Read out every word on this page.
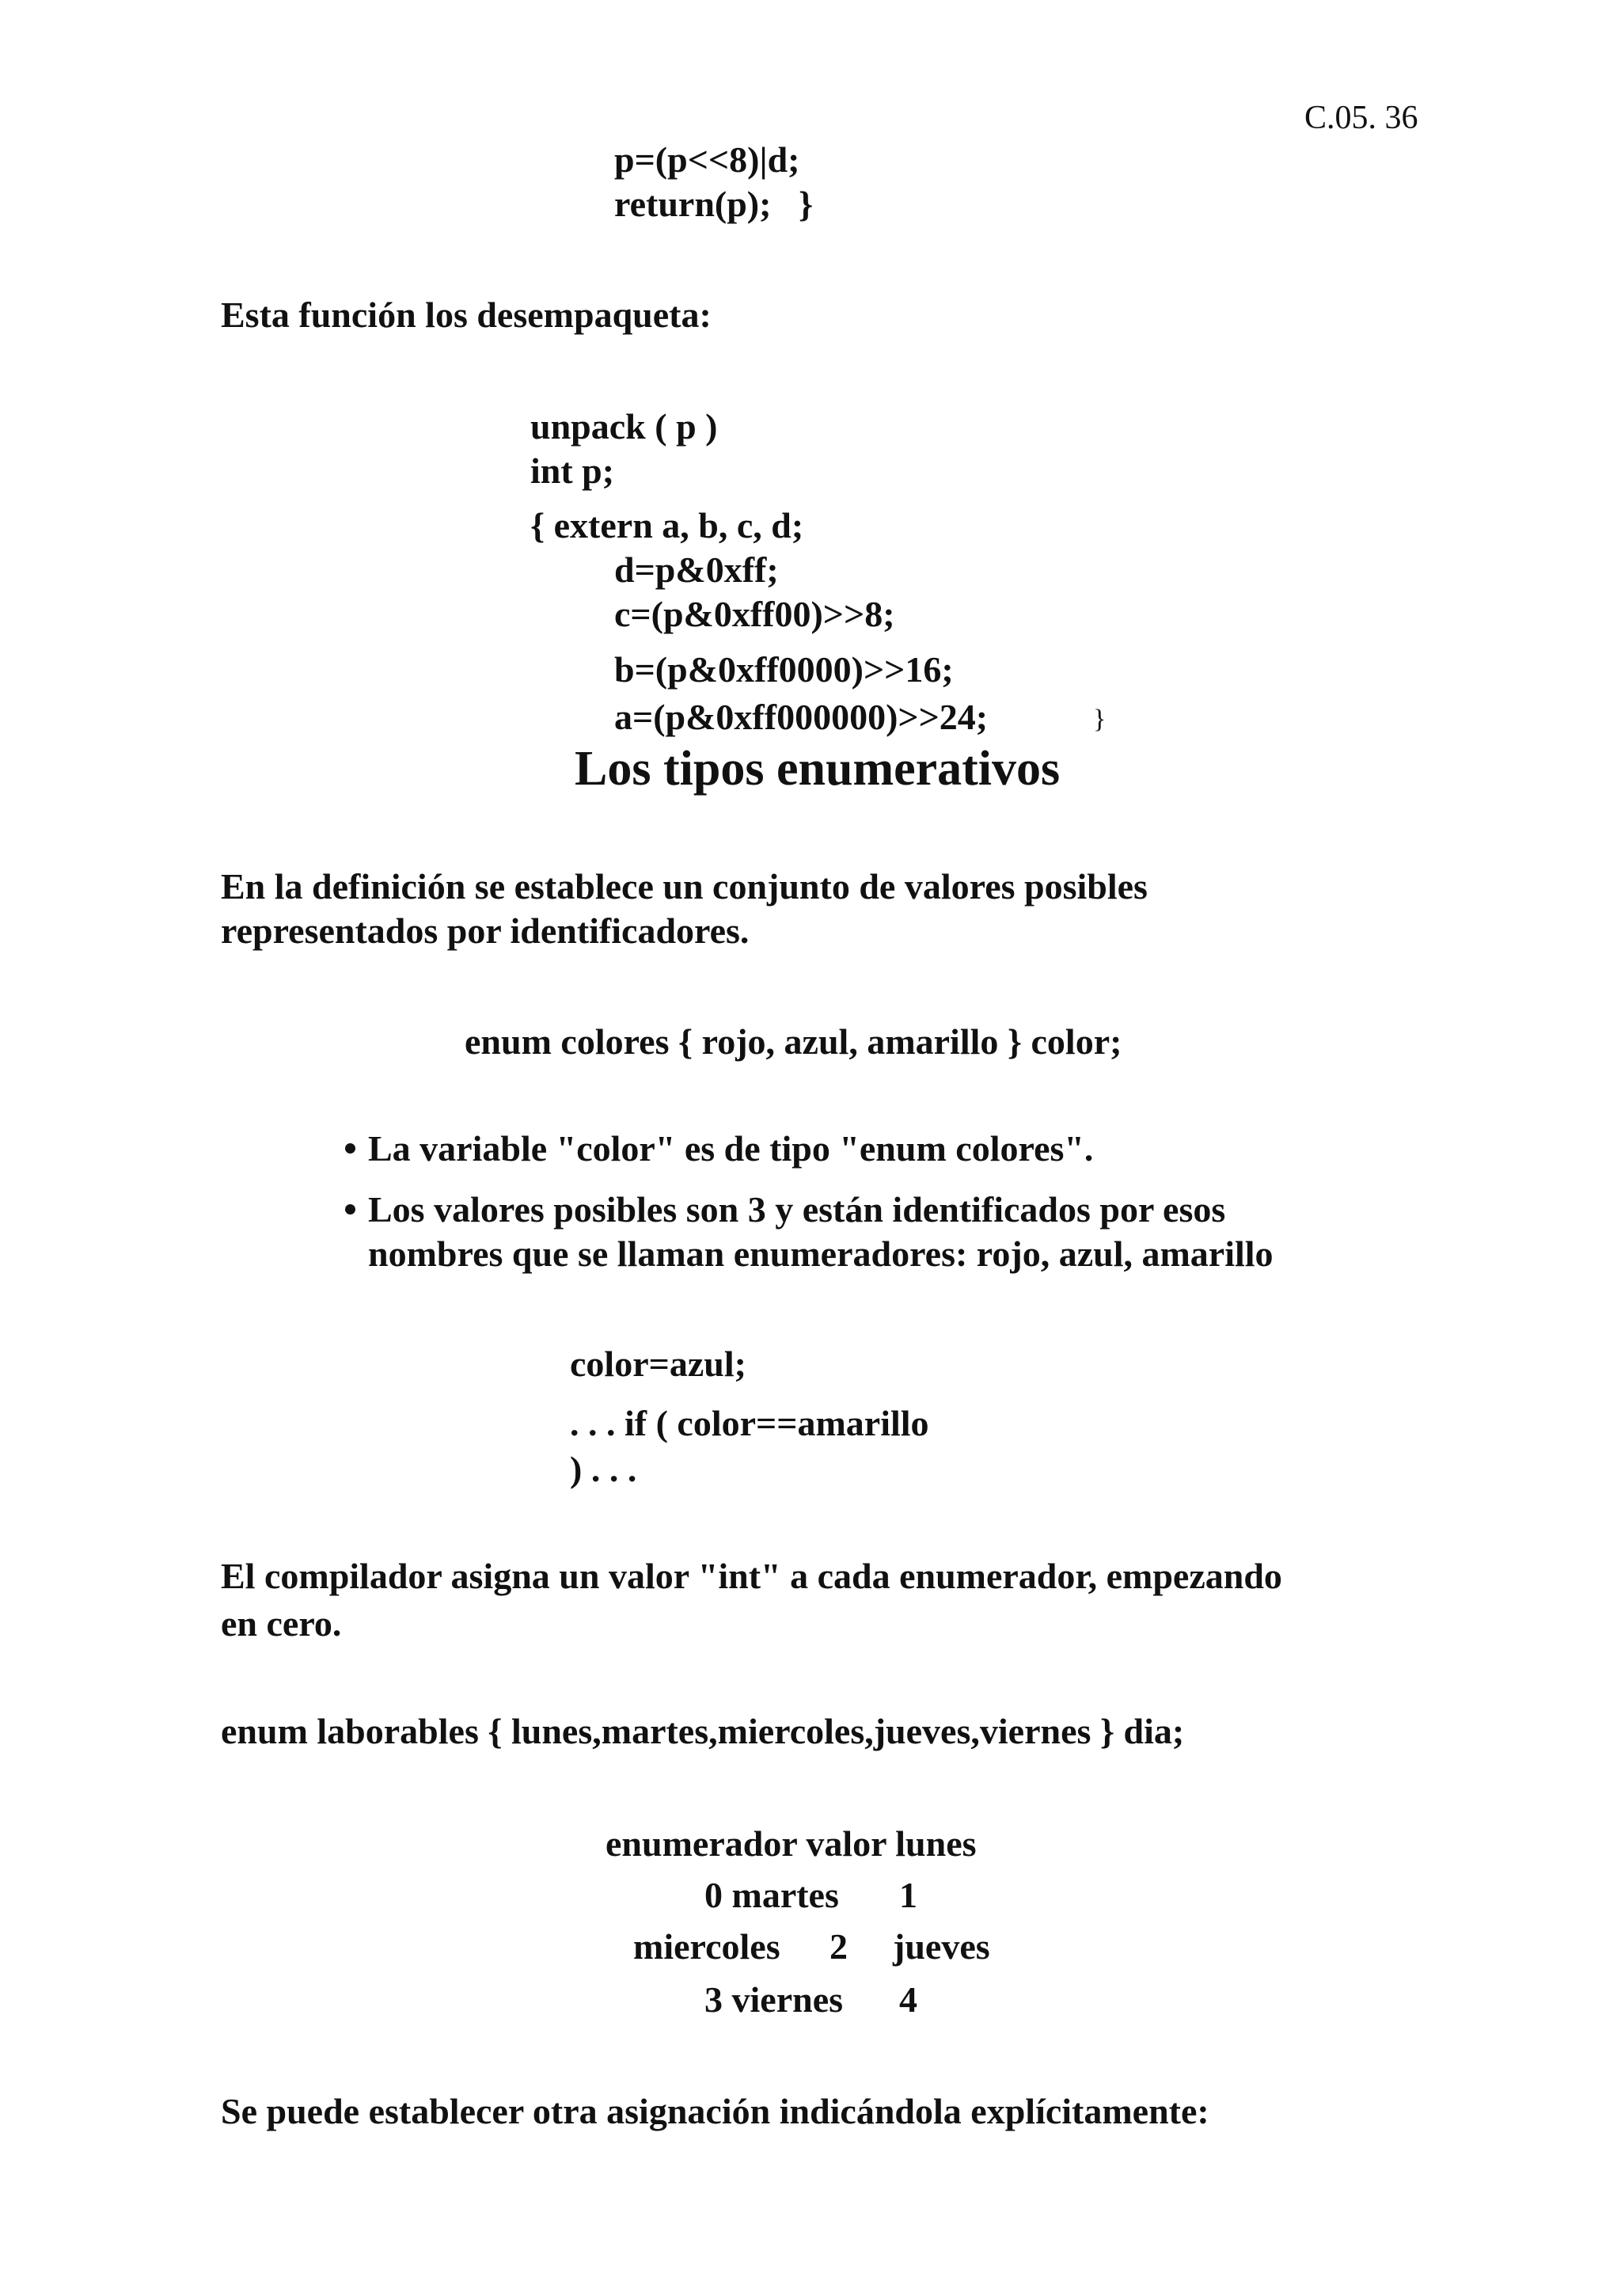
C.05. 36
p=(p<<8)|d;
return(p);   }
Esta función los desempaqueta:
unpack ( p )
int p;
{ extern a, b, c, d;
d=p&0xff;
c=(p&0xff00)>>8;
b=(p&0xff0000)>>16;
a=(p&0xff000000)>>24;	}
Los tipos enumerativos
En la definición se establece un conjunto de valores posibles
representados por identificadores.
enum colores { rojo, azul, amarillo } color;
La variable "color" es de tipo "enum colores".
Los valores posibles son 3 y están identificados por esos
nombres que se llaman enumeradores: rojo, azul, amarillo
color=azul;
. . . if ( color==amarillo
) . . .
El compilador asigna un valor "int" a cada enumerador, empezando
en cero.
enum laborables { lunes,martes,miercoles,jueves,viernes } dia;
enumerador valor lunes
0 martes 1
miercoles 2 jueves
3 viernes 4
Se puede establecer otra asignación indicándola explícitamente:
